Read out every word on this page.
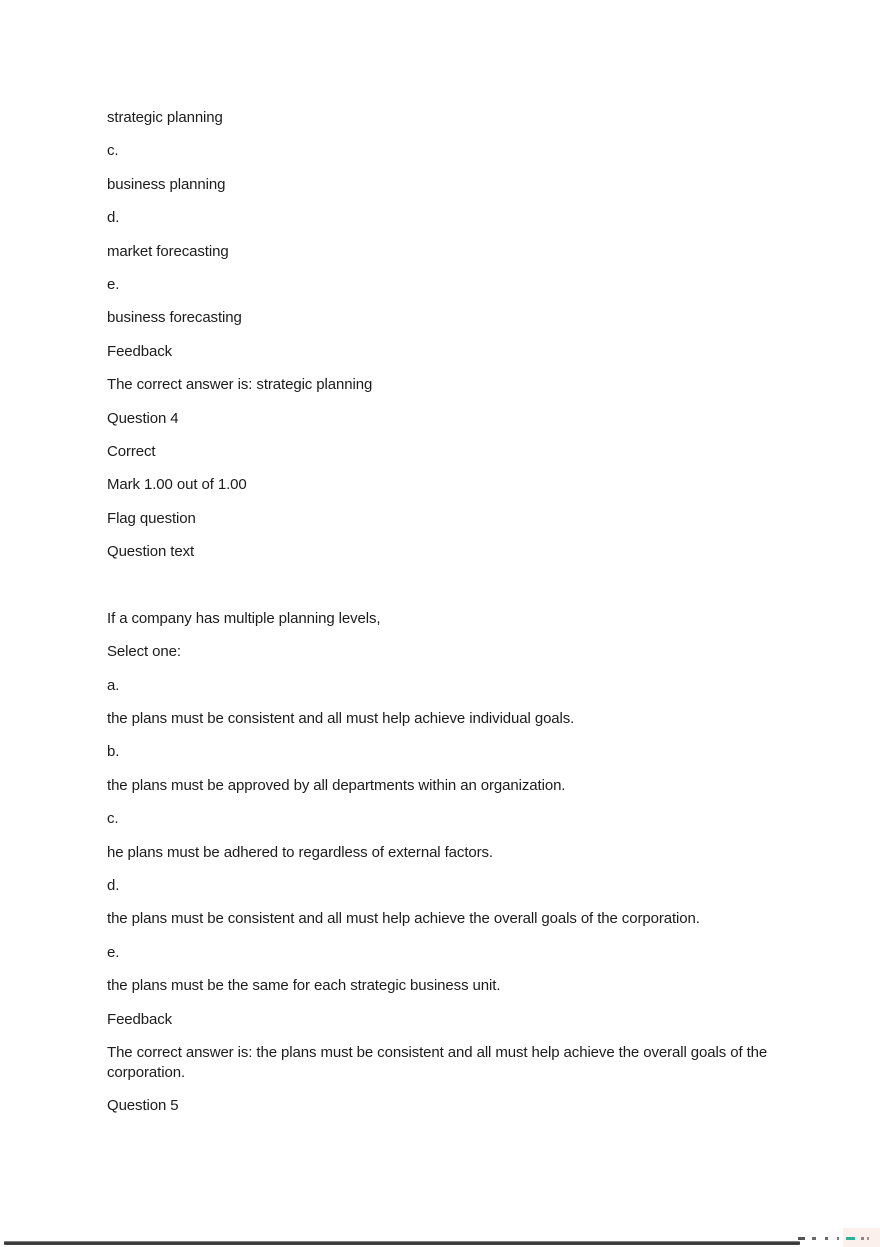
strategic planning

c.

business planning

d.

market forecasting

e.

business forecasting

Feedback

The correct answer is: strategic planning

Question 4

Correct

Mark 1.00 out of 1.00

Flag question

Question text

If a company has multiple planning levels,

Select one:

a.

the plans must be consistent and all must help achieve individual goals.

b.

the plans must be approved by all departments within an organization.

c.

he plans must be adhered to regardless of external factors.

d.

the plans must be consistent and all must help achieve the overall goals of the corporation.

e.

the plans must be the same for each strategic business unit.

Feedback

The correct answer is: the plans must be consistent and all must help achieve the overall goals of the corporation.

Question 5
